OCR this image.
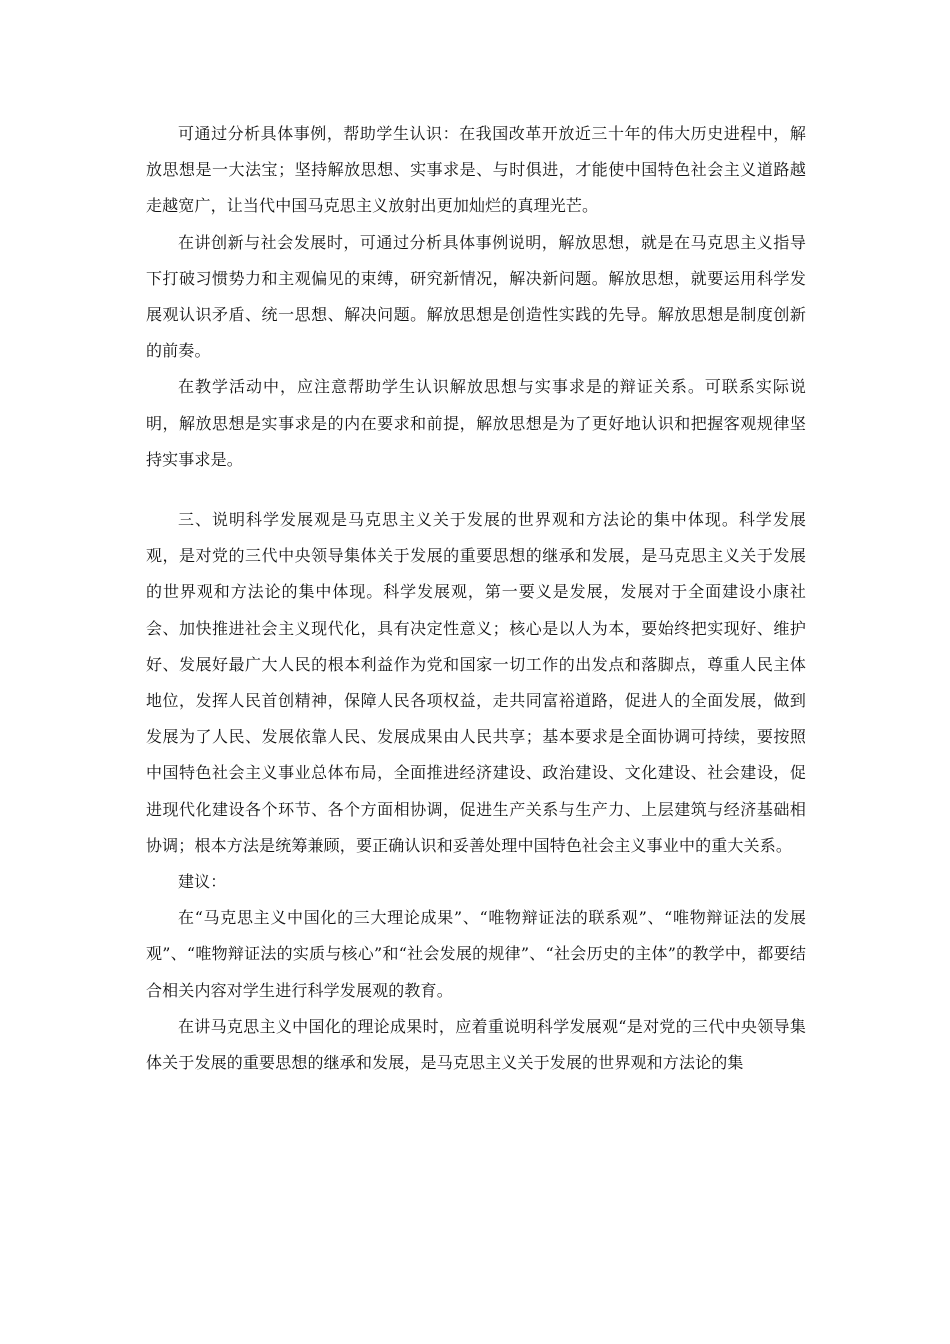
可通过分析具体事例，帮助学生认识：在我国改革开放近三十年的伟大历史进程中，解放思想是一大法宝；坚持解放思想、实事求是、与时俱进，才能使中国特色社会主义道路越走越宽广，让当代中国马克思主义放射出更加灿烂的真理光芒。

在讲创新与社会发展时，可通过分析具体事例说明，解放思想，就是在马克思主义指导下打破习惯势力和主观偏见的束缚，研究新情况，解决新问题。解放思想，就要运用科学发展观认识矛盾、统一思想、解决问题。解放思想是创造性实践的先导。解放思想是制度创新的前奏。

在教学活动中，应注意帮助学生认识解放思想与实事求是的辩证关系。可联系实际说明，解放思想是实事求是的内在要求和前提，解放思想是为了更好地认识和把握客观规律坚持实事求是。

三、说明科学发展观是马克思主义关于发展的世界观和方法论的集中体现。科学发展观，是对党的三代中央领导集体关于发展的重要思想的继承和发展，是马克思主义关于发展的世界观和方法论的集中体现。科学发展观，第一要义是发展，发展对于全面建设小康社会、加快推进社会主义现代化，具有决定性意义；核心是以人为本，要始终把实现好、维护好、发展好最广大人民的根本利益作为党和国家一切工作的出发点和落脚点，尊重人民主体地位，发挥人民首创精神，保障人民各项权益，走共同富裕道路，促进人的全面发展，做到发展为了人民、发展依靠人民、发展成果由人民共享；基本要求是全面协调可持续，要按照中国特色社会主义事业总体布局，全面推进经济建设、政治建设、文化建设、社会建设，促进现代化建设各个环节、各个方面相协调，促进生产关系与生产力、上层建筑与经济基础相协调；根本方法是统筹兼顾，要正确认识和妥善处理中国特色社会主义事业中的重大关系。

建议：

在“马克思主义中国化的三大理论成果”、“唯物辩证法的联系观”、“唯物辩证法的发展观”、“唯物辩证法的实质与核心”和“社会发展的规律”、“社会历史的主体”的教学中，都要结合相关内容对学生进行科学发展观的教育。

在讲马克思主义中国化的理论成果时，应着重说明科学发展观“是对党的三代中央领导集体关于发展的重要思想的继承和发展，是马克思主义关于发展的世界观和方法论的集
